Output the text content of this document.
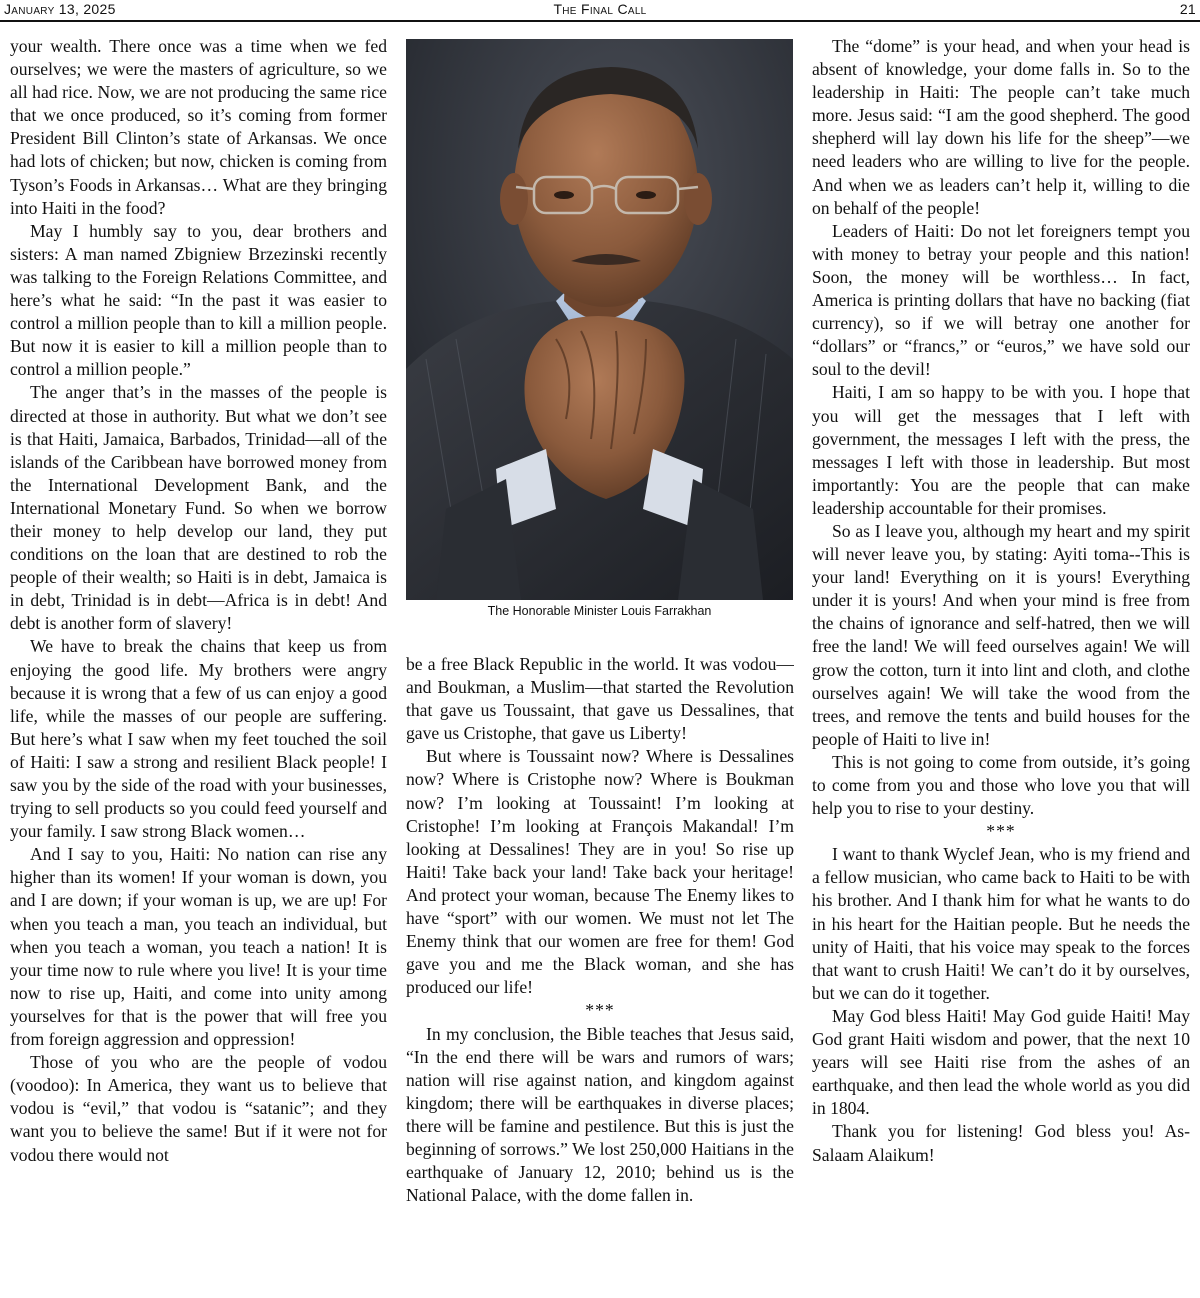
January 13, 2025	The Final Call	21

your wealth. There once was a time when we fed ourselves; we were the masters of agriculture, so we all had rice. Now, we are not producing the same rice that we once produced, so it’s coming from former President Bill Clinton’s state of Arkansas. We once had lots of chicken; but now, chicken is coming from Tyson’s Foods in Arkansas… What are they bringing into Haiti in the food?

May I humbly say to you, dear brothers and sisters: A man named Zbigniew Brzezinski recently was talking to the Foreign Relations Committee, and here’s what he said: “In the past it was easier to control a million people than to kill a million people. But now it is easier to kill a million people than to control a million people.”

The anger that’s in the masses of the people is directed at those in authority. But what we don’t see is that Haiti, Jamaica, Barbados, Trinidad—all of the islands of the Caribbean have borrowed money from the International Development Bank, and the International Monetary Fund. So when we borrow their money to help develop our land, they put conditions on the loan that are destined to rob the people of their wealth; so Haiti is in debt, Jamaica is in debt, Trinidad is in debt—Africa is in debt! And debt is another form of slavery!

We have to break the chains that keep us from enjoying the good life. My brothers were angry because it is wrong that a few of us can enjoy a good life, while the masses of our people are suffering. But here’s what I saw when my feet touched the soil of Haiti: I saw a strong and resilient Black people! I saw you by the side of the road with your businesses, trying to sell products so you could feed yourself and your family. I saw strong Black women…

And I say to you, Haiti: No nation can rise any higher than its women! If your woman is down, you and I are down; if your woman is up, we are up! For when you teach a man, you teach an individual, but when you teach a woman, you teach a nation! It is your time now to rule where you live! It is your time now to rise up, Haiti, and come into unity among yourselves for that is the power that will free you from foreign aggression and oppression!

Those of you who are the people of vodou (voodoo): In America, they want us to believe that vodou is “evil,” that vodou is “satanic”; and they want you to believe the same! But if it were not for vodou there would not

The Honorable Minister Louis Farrakhan

be a free Black Republic in the world. It was vodou—and Boukman, a Muslim—that started the Revolution that gave us Toussaint, that gave us Dessalines, that gave us Cristophe, that gave us Liberty!

But where is Toussaint now? Where is Dessalines now? Where is Cristophe now? Where is Boukman now? I’m looking at Toussaint! I’m looking at Cristophe! I’m looking at François Makandal! I’m looking at Dessalines! They are in you! So rise up Haiti! Take back your land! Take back your heritage! And protect your woman, because The Enemy likes to have “sport” with our women. We must not let The Enemy think that our women are free for them! God gave you and me the Black woman, and she has produced our life!

***

In my conclusion, the Bible teaches that Jesus said, “In the end there will be wars and rumors of wars; nation will rise against nation, and kingdom against kingdom; there will be earthquakes in diverse places; there will be famine and pestilence. But this is just the beginning of sorrows.” We lost 250,000 Haitians in the earthquake of January 12, 2010; behind us is the National Palace, with the dome fallen in.

The “dome” is your head, and when your head is absent of knowledge, your dome falls in. So to the leadership in Haiti: The people can’t take much more. Jesus said: “I am the good shepherd. The good shepherd will lay down his life for the sheep”—we need leaders who are willing to live for the people. And when we as leaders can’t help it, willing to die on behalf of the people!

Leaders of Haiti: Do not let foreigners tempt you with money to betray your people and this nation! Soon, the money will be worthless… In fact, America is printing dollars that have no backing (fiat currency), so if we will betray one another for “dollars” or “francs,” or “euros,” we have sold our soul to the devil!

Haiti, I am so happy to be with you. I hope that you will get the messages that I left with government, the messages I left with the press, the messages I left with those in leadership. But most importantly: You are the people that can make leadership accountable for their promises.

So as I leave you, although my heart and my spirit will never leave you, by stating: Ayiti toma--This is your land! Everything on it is yours! Everything under it is yours! And when your mind is free from the chains of ignorance and self-hatred, then we will free the land! We will feed ourselves again! We will grow the cotton, turn it into lint and cloth, and clothe ourselves again! We will take the wood from the trees, and remove the tents and build houses for the people of Haiti to live in!

This is not going to come from outside, it’s going to come from you and those who love you that will help you to rise to your destiny.

***

I want to thank Wyclef Jean, who is my friend and a fellow musician, who came back to Haiti to be with his brother. And I thank him for what he wants to do in his heart for the Haitian people. But he needs the unity of Haiti, that his voice may speak to the forces that want to crush Haiti! We can’t do it by ourselves, but we can do it together.

May God bless Haiti! May God guide Haiti! May God grant Haiti wisdom and power, that the next 10 years will see Haiti rise from the ashes of an earthquake, and then lead the whole world as you did in 1804.

Thank you for listening! God bless you! As-Salaam Alaikum!
